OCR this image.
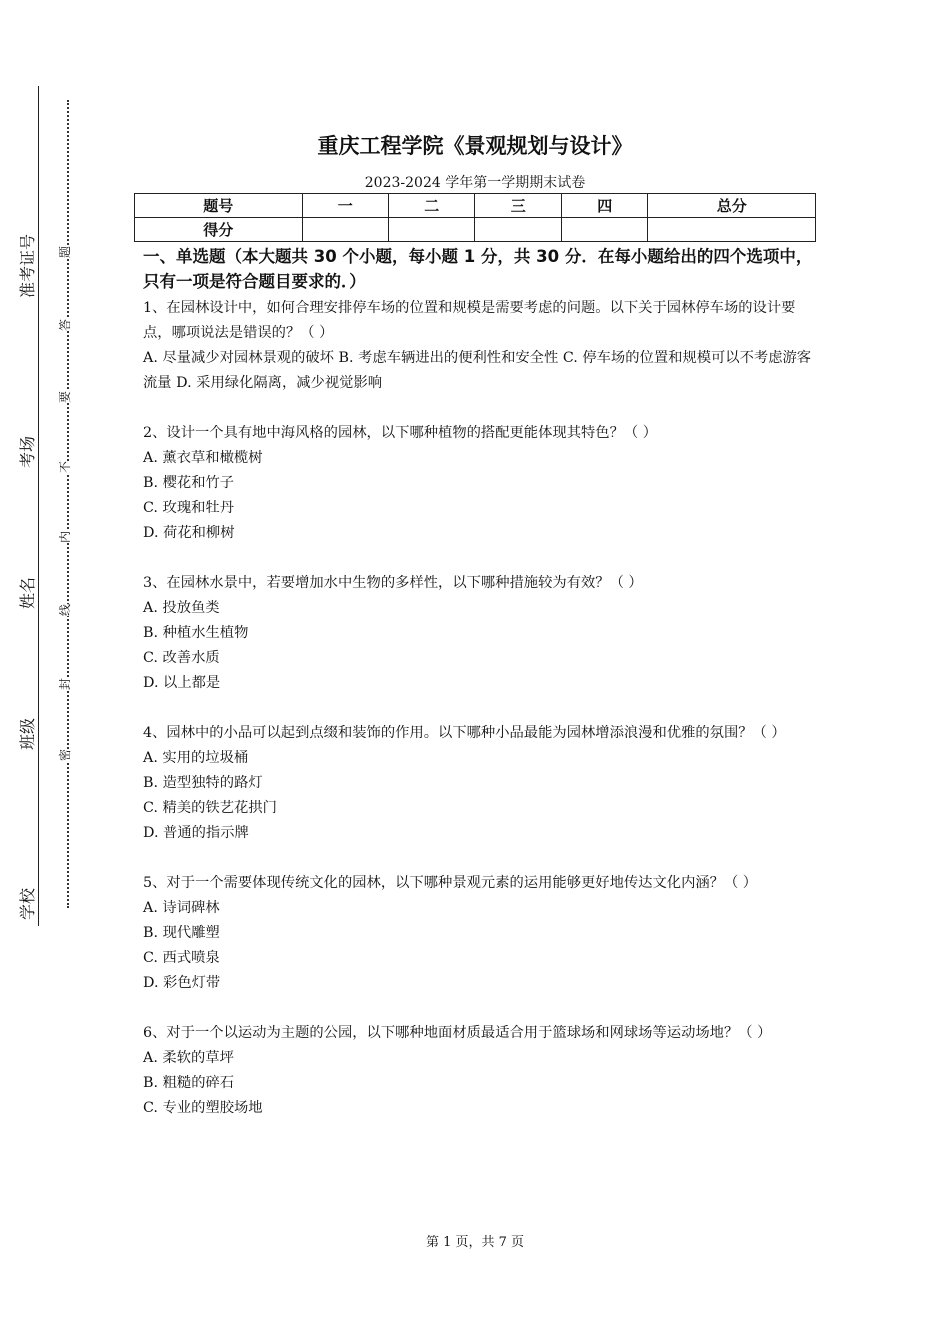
准考证号
考场
姓名
班级
学校
题
答
要
不
内
线
封
密
重庆工程学院《景观规划与设计》
2023-2024 学年第一学期期末试卷
题号	一	二	三	四	总分
得分					
一、单选题（本大题共 30 个小题，每小题 1 分，共 30 分．在每小题给出的四个选项中，只有一项是符合题目要求的．）
1、在园林设计中，如何合理安排停车场的位置和规模是需要考虑的问题。以下关于园林停车场的设计要点，哪项说法是错误的？（ ）
A. 尽量减少对园林景观的破坏 B. 考虑车辆进出的便利性和安全性 C. 停车场的位置和规模可以不考虑游客流量 D. 采用绿化隔离，减少视觉影响
2、设计一个具有地中海风格的园林，以下哪种植物的搭配更能体现其特色？（ ）
A. 薰衣草和橄榄树
B. 樱花和竹子
C. 玫瑰和牡丹
D. 荷花和柳树
3、在园林水景中，若要增加水中生物的多样性，以下哪种措施较为有效？（ ）
A. 投放鱼类
B. 种植水生植物
C. 改善水质
D. 以上都是
4、园林中的小品可以起到点缀和装饰的作用。以下哪种小品最能为园林增添浪漫和优雅的氛围？（ ）
A. 实用的垃圾桶
B. 造型独特的路灯
C. 精美的铁艺花拱门
D. 普通的指示牌
5、对于一个需要体现传统文化的园林，以下哪种景观元素的运用能够更好地传达文化内涵？（ ）
A. 诗词碑林
B. 现代雕塑
C. 西式喷泉
D. 彩色灯带
6、对于一个以运动为主题的公园，以下哪种地面材质最适合用于篮球场和网球场等运动场地？（ ）
A. 柔软的草坪
B. 粗糙的碎石
C. 专业的塑胶场地
第 1 页，共 7 页
